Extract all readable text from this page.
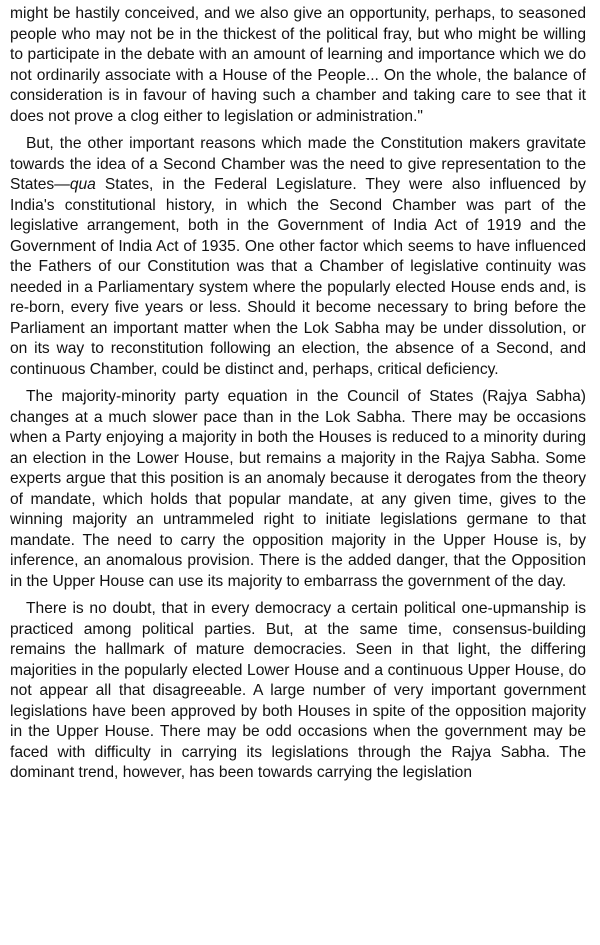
might be hastily conceived, and we also give an opportunity, perhaps, to seasoned people who may not be in the thickest of the political fray, but who might be willing to participate in the debate with an amount of learning and importance which we do not ordinarily associate with a House of the People... On the whole, the balance of consideration is in favour of having such a chamber and taking care to see that it does not prove a clog either to legislation or administration."

But, the other important reasons which made the Constitution makers gravitate towards the idea of a Second Chamber was the need to give representation to the States—qua States, in the Federal Legislature. They were also influenced by India's constitutional history, in which the Second Chamber was part of the legislative arrangement, both in the Government of India Act of 1919 and the Government of India Act of 1935. One other factor which seems to have influenced the Fathers of our Constitution was that a Chamber of legislative continuity was needed in a Parliamentary system where the popularly elected House ends and, is re-born, every five years or less. Should it become necessary to bring before the Parliament an important matter when the Lok Sabha may be under dissolution, or on its way to reconstitution following an election, the absence of a Second, and continuous Chamber, could be distinct and, perhaps, critical deficiency.

The majority-minority party equation in the Council of States (Rajya Sabha) changes at a much slower pace than in the Lok Sabha. There may be occasions when a Party enjoying a majority in both the Houses is reduced to a minority during an election in the Lower House, but remains a majority in the Rajya Sabha. Some experts argue that this position is an anomaly because it derogates from the theory of mandate, which holds that popular mandate, at any given time, gives to the winning majority an untrammeled right to initiate legislations germane to that mandate. The need to carry the opposition majority in the Upper House is, by inference, an anomalous provision. There is the added danger, that the Opposition in the Upper House can use its majority to embarrass the government of the day.

There is no doubt, that in every democracy a certain political one-upmanship is practiced among political parties. But, at the same time, consensus-building remains the hallmark of mature democracies. Seen in that light, the differing majorities in the popularly elected Lower House and a continuous Upper House, do not appear all that disagreeable. A large number of very important government legislations have been approved by both Houses in spite of the opposition majority in the Upper House. There may be odd occasions when the government may be faced with difficulty in carrying its legislations through the Rajya Sabha. The dominant trend, however, has been towards carrying the legislation
